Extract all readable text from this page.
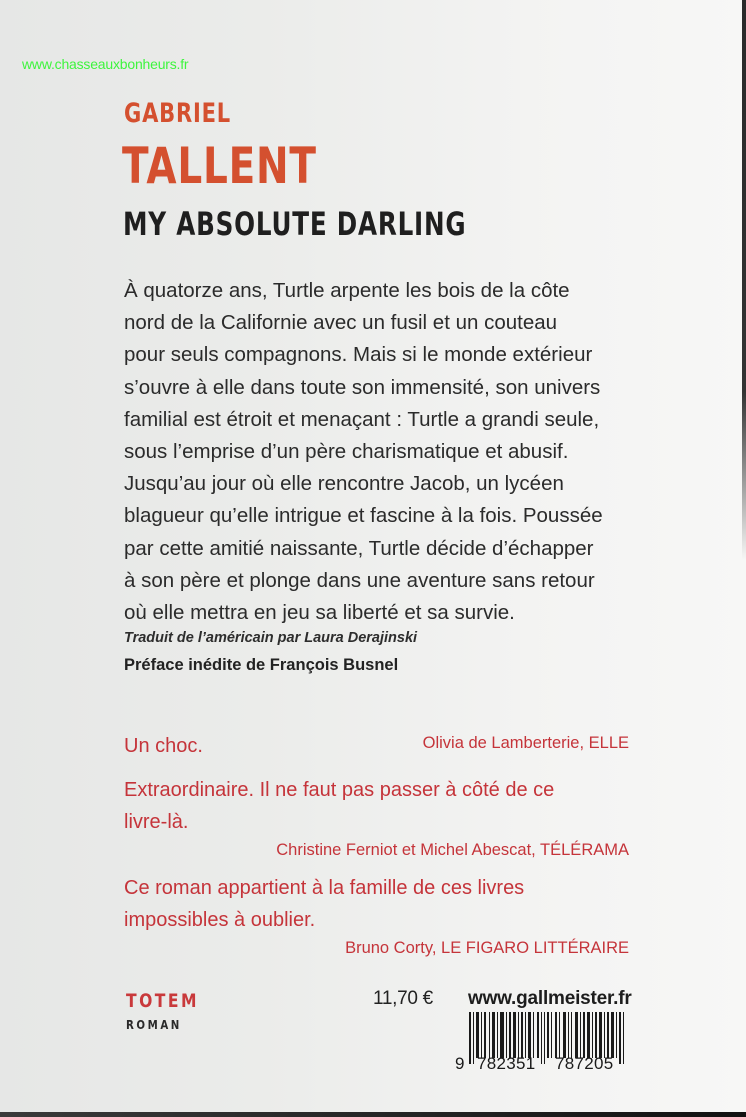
www.chasseauxbonheurs.fr
GABRIEL
TALLENT
MY ABSOLUTE DARLING
À quatorze ans, Turtle arpente les bois de la côte
nord de la Californie avec un fusil et un couteau
pour seuls compagnons. Mais si le monde extérieur
s’ouvre à elle dans toute son immensité, son univers
familial est étroit et menaçant : Turtle a grandi seule,
sous l’emprise d’un père charismatique et abusif.
Jusqu’au jour où elle rencontre Jacob, un lycéen
blagueur qu’elle intrigue et fascine à la fois. Poussée
par cette amitié naissante, Turtle décide d’échapper
à son père et plonge dans une aventure sans retour
où elle mettra en jeu sa liberté et sa survie.
Traduit de l’américain par Laura Derajinski
Préface inédite de François Busnel
Un choc.	Olivia de Lamberterie, ELLE
Extraordinaire. Il ne faut pas passer à côté de ce
livre-là.
Christine Ferniot et Michel Abescat, TÉLÉRAMA
Ce roman appartient à la famille de ces livres
impossibles à oublier.
Bruno Corty, LE FIGARO LITTÉRAIRE
TOTEM
ROMAN
11,70 € www.gallmeister.fr
9 782351 787205
